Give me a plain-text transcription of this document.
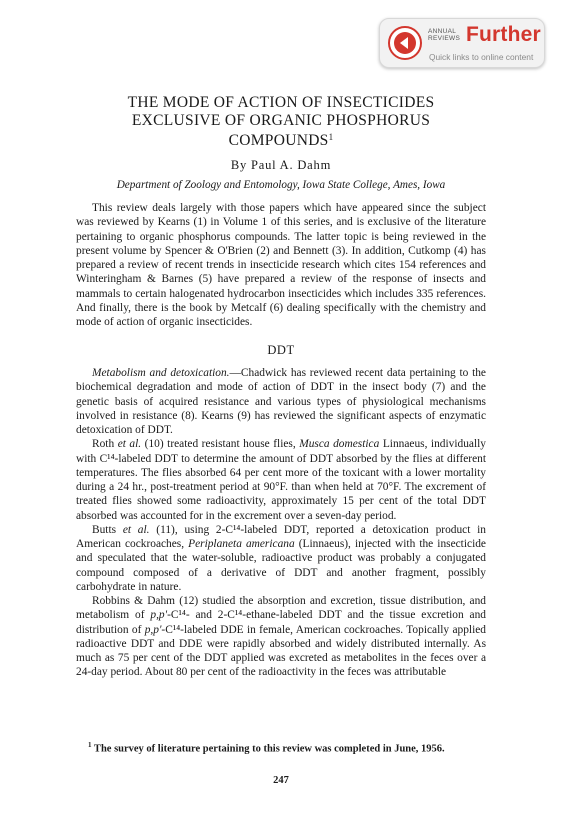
ANNUAL
REVIEWS Further
Quick links to online content
THE MODE OF ACTION OF INSECTICIDES
EXCLUSIVE OF ORGANIC PHOSPHORUS
COMPOUNDS$^1$
By Paul A. Dahm
Department of Zoology and Entomology, Iowa State College, Ames, Iowa

This review deals largely with those papers which have appeared since the subject was reviewed by Kearns (1) in Volume 1 of this series, and is exclusive of the literature pertaining to organic phosphorus compounds. The latter topic is being reviewed in the present volume by Spencer & O'Brien (2) and Bennett (3). In addition, Cutkomp (4) has prepared a review of recent trends in insecticide research which cites 154 references and Winteringham & Barnes (5) have prepared a review of the response of insects and mammals to certain halogenated hydrocarbon insecticides which includes 335 references. And finally, there is the book by Metcalf (6) dealing specifically with the chemistry and mode of action of organic insecticides.

DDT

Metabolism and detoxication.—Chadwick has reviewed recent data pertaining to the biochemical degradation and mode of action of DDT in the insect body (7) and the genetic basis of acquired resistance and various types of physiological mechanisms involved in resistance (8). Kearns (9) has reviewed the significant aspects of enzymatic detoxication of DDT.

Roth et al. (10) treated resistant house flies, Musca domestica Linnaeus, individually with C¹⁴-labeled DDT to determine the amount of DDT absorbed by the flies at different temperatures. The flies absorbed 64 per cent more of the toxicant with a lower mortality during a 24 hr., post-treatment period at 90°F. than when held at 70°F. The excrement of treated flies showed some radioactivity, approximately 15 per cent of the total DDT absorbed was accounted for in the excrement over a seven-day period.

Butts et al. (11), using 2-C¹⁴-labeled DDT, reported a detoxication product in American cockroaches, Periplaneta americana (Linnaeus), injected with the insecticide and speculated that the water-soluble, radioactive product was probably a conjugated compound composed of a derivative of DDT and another fragment, possibly carbohydrate in nature.

Robbins & Dahm (12) studied the absorption and excretion, tissue distribution, and metabolism of p,p'-C¹⁴- and 2-C¹⁴-ethane-labeled DDT and the tissue excretion and distribution of p,p'-C¹⁴-labeled DDE in female, American cockroaches. Topically applied radioactive DDT and DDE were rapidly absorbed and widely distributed internally. As much as 75 per cent of the DDT applied was excreted as metabolites in the feces over a 24-day period. About 80 per cent of the radioactivity in the feces was attributable

$^1$ The survey of literature pertaining to this review was completed in June, 1956.
247
